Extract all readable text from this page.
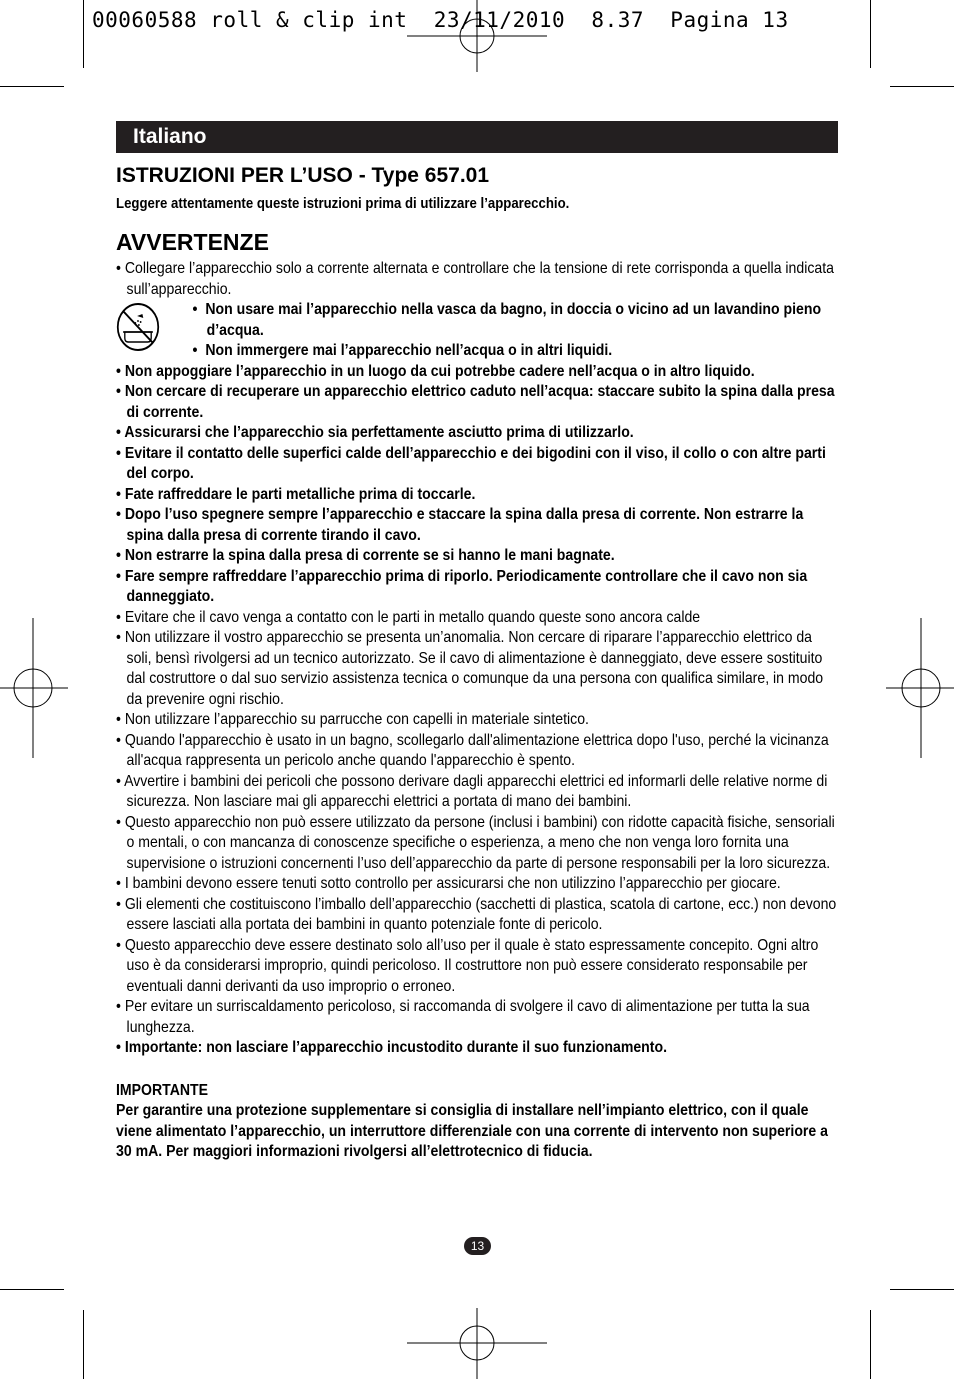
00060588 roll & clip int  23/11/2010  8.37  Pagina 13
Italiano
ISTRUZIONI PER L’USO - Type 657.01
Leggere attentamente queste istruzioni prima di utilizzare l’apparecchio.
AVVERTENZE
• Collegare l’apparecchio solo a corrente alternata e controllare che la tensione di rete corrisponda a quella indicata sull’apparecchio.
•  Non usare mai l’apparecchio nella vasca da bagno, in doccia o vicino ad un lavandino pieno d’acqua.
•  Non immergere mai l’apparecchio nell’acqua o in altri liquidi.
• Non appoggiare l’apparecchio in un luogo da cui potrebbe cadere nell’acqua o in altro liquido.
• Non cercare di recuperare un apparecchio elettrico caduto nell’acqua: staccare subito la spina dalla presa di corrente.
• Assicurarsi che l’apparecchio sia perfettamente asciutto prima di utilizzarlo.
• Evitare il contatto delle superfici calde dell’apparecchio e dei bigodini con il viso, il collo o con altre parti del corpo.
• Fate raffreddare le parti metalliche prima di toccarle.
• Dopo l’uso spegnere sempre l’apparecchio e staccare la spina dalla presa di corrente. Non estrarre la spina dalla presa di corrente tirando il cavo.
• Non estrarre la spina dalla presa di corrente se si hanno le mani bagnate.
• Fare sempre raffreddare l’apparecchio prima di riporlo. Periodicamente controllare che il cavo non sia danneggiato.
• Evitare che il cavo venga a contatto con le parti in metallo quando queste sono ancora calde
• Non utilizzare il vostro apparecchio se presenta un’anomalia. Non cercare di riparare l’apparecchio elettrico da soli, bensì rivolgersi ad un tecnico autorizzato. Se il cavo di alimentazione è danneggiato, deve essere sostituito dal costruttore o dal suo servizio assistenza tecnica o comunque da una persona con qualifica similare, in modo da prevenire ogni rischio.
• Non utilizzare l’apparecchio su parrucche con capelli in materiale sintetico.
• Quando l'apparecchio è usato in un bagno, scollegarlo dall'alimentazione elettrica dopo l'uso, perché la vicinanza all'acqua rappresenta un pericolo anche quando l'apparecchio è spento.
• Avvertire i bambini dei pericoli che possono derivare dagli apparecchi elettrici ed informarli delle relative norme di sicurezza. Non lasciare mai gli apparecchi elettrici a portata di mano dei bambini.
• Questo apparecchio non può essere utilizzato da persone (inclusi i bambini) con ridotte capacità fisiche, sensoriali o mentali, o con mancanza di conoscenze specifiche o esperienza, a meno che non venga loro fornita una supervisione o istruzioni concernenti l’uso dell’apparecchio da parte di persone responsabili per la loro sicurezza.
• I bambini devono essere tenuti sotto controllo per assicurarsi che non utilizzino l’apparecchio per giocare.
• Gli elementi che costituiscono l’imballo dell’apparecchio (sacchetti di plastica, scatola di cartone, ecc.) non devono essere lasciati alla portata dei bambini in quanto potenziale fonte di pericolo.
• Questo apparecchio deve essere destinato solo all’uso per il quale è stato espressamente concepito. Ogni altro uso è da considerarsi improprio, quindi pericoloso. Il costruttore non può essere considerato responsabile per eventuali danni derivanti da uso improprio o erroneo.
• Per evitare un surriscaldamento pericoloso, si raccomanda di svolgere il cavo di alimentazione per tutta la sua lunghezza.
• Importante: non lasciare l’apparecchio incustodito durante il suo funzionamento.
IMPORTANTE
Per garantire una protezione supplementare si consiglia di installare nell’impianto elettrico, con il quale viene alimentato l’apparecchio, un interruttore differenziale con una corrente di intervento non superiore a 30 mA. Per maggiori informazioni rivolgersi all’elettrotecnico di fiducia.
13
